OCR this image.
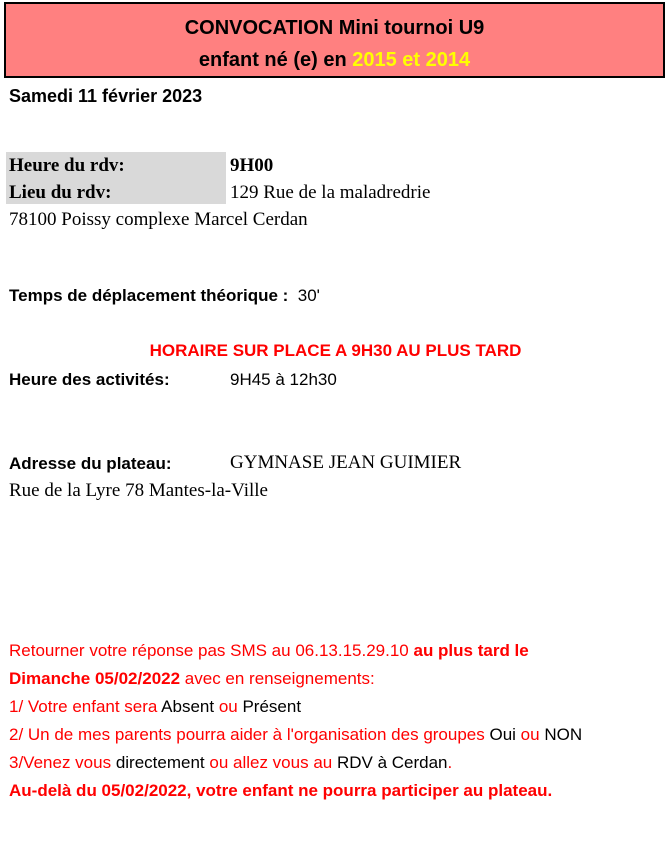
CONVOCATION Mini tournoi U9
enfant né (e) en 2015 et 2014
Samedi 11 février 2023
Heure du rdv:	9H00
Lieu du rdv:	129 Rue de la maladredrie
78100 Poissy complexe Marcel Cerdan
Temps de déplacement théorique : 30'
HORAIRE SUR PLACE A 9H30 AU PLUS TARD
Heure des activités:	9H45 à 12h30
Adresse du plateau:	GYMNASE JEAN GUIMIER
Rue de la Lyre 78 Mantes-la-Ville
Retourner votre réponse pas SMS au 06.13.15.29.10 au plus tard le
Dimanche 05/02/2022 avec en renseignements:
1/ Votre enfant sera Absent ou Présent
2/ Un de mes parents pourra aider à l'organisation des groupes Oui ou NON
3/Venez vous directement ou allez vous au RDV à Cerdan.
Au-delà du 05/02/2022, votre enfant ne pourra participer au plateau.
